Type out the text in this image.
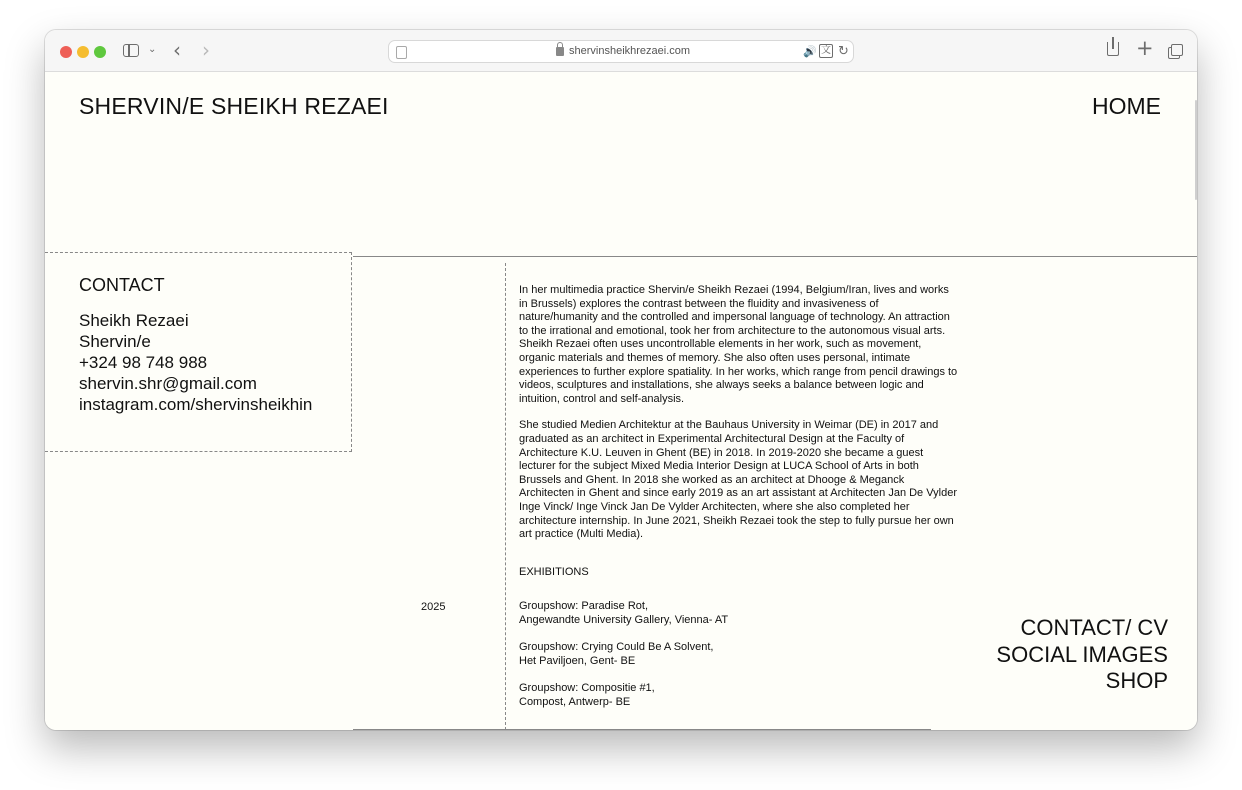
⌄ ‹ ›	shervinsheikhrezaei.com	🔊 文 ↻	+
SHERVIN/E SHEIKH REZAEI	HOME
CONTACT
Sheikh Rezaei
Shervin/e
+324 98 748 988
shervin.shr@gmail.com
instagram.com/shervinsheikhin

In her multimedia practice Shervin/e Sheikh Rezaei (1994, Belgium/Iran, lives and works in Brussels) explores the contrast between the fluidity and invasiveness of nature/humanity and the controlled and impersonal language of technology. An attraction to the irrational and emotional, took her from architecture to the autonomous visual arts. Sheikh Rezaei often uses uncontrollable elements in her work, such as movement, organic materials and themes of memory. She also often uses personal, intimate experiences to further explore spatiality. In her works, which range from pencil drawings to videos, sculptures and installations, she always seeks a balance between logic and intuition, control and self-analysis.

She studied Medien Architektur at the Bauhaus University in Weimar (DE) in 2017 and graduated as an architect in Experimental Architectural Design at the Faculty of Architecture K.U. Leuven in Ghent (BE) in 2018. In 2019-2020 she became a guest lecturer for the subject Mixed Media Interior Design at LUCA School of Arts in both Brussels and Ghent. In 2018 she worked as an architect at Dhooge & Meganck Architecten in Ghent and since early 2019 as an art assistant at Architecten Jan De Vylder Inge Vinck/ Inge Vinck Jan De Vylder Architecten, where she also completed her architecture internship. In June 2021, Sheikh Rezaei took the step to fully pursue her own art practice (Multi Media).

EXHIBITIONS
2025	Groupshow: Paradise Rot,
Angewandte University Gallery, Vienna- AT
Groupshow: Crying Could Be A Solvent,
Het Paviljoen, Gent- BE
Groupshow: Compositie #1,
Compost, Antwerp- BE
CONTACT/ CV
SOCIAL IMAGES
SHOP
